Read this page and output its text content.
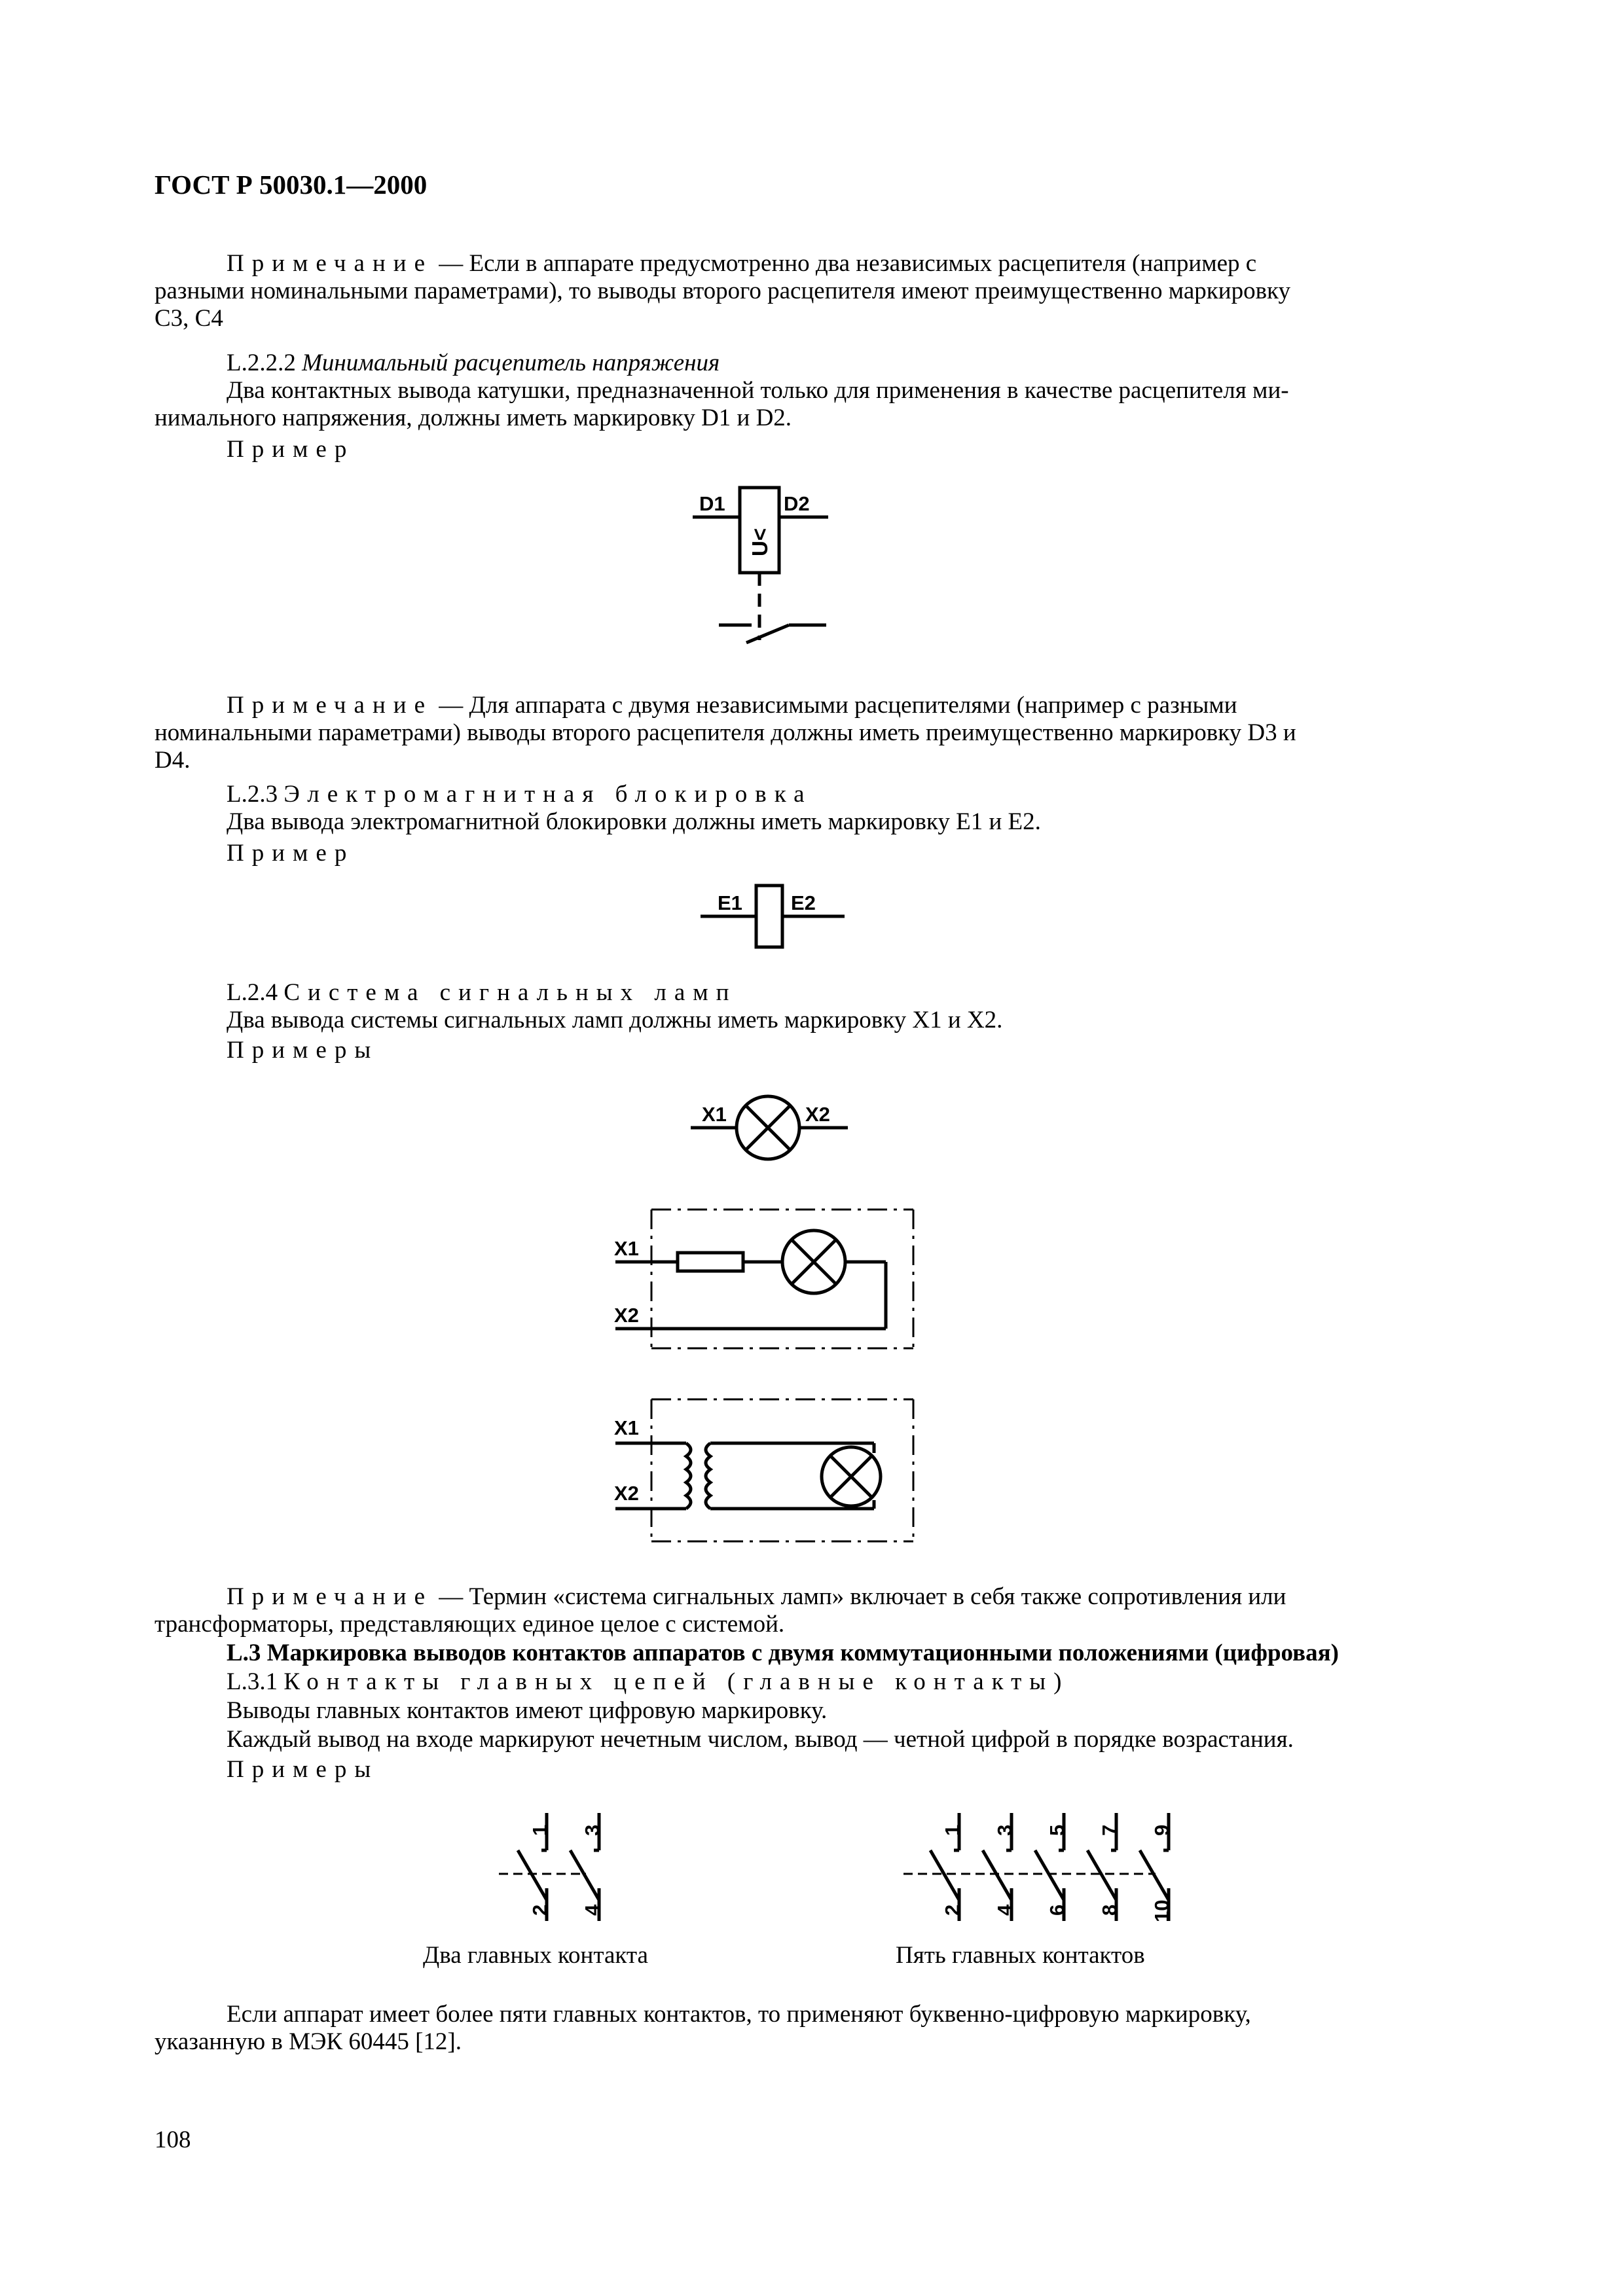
ГОСТ Р 50030.1—2000
Примечание — Если в аппарате предусмотренно два независимых расцепителя (например с
разными номинальными параметрами), то выводы второго расцепителя имеют преимущественно маркировку
С3, С4
L.2.2.2 Минимальный расцепитель напряжения
Два контактных вывода катушки, предназначенной только для применения в качестве расцепителя ми-
нимального напряжения, должны иметь маркировку D1 и D2.
Пример
D1	D2
U<
Примечание — Для аппарата с двумя независимыми расцепителями (например с разными
номинальными параметрами) выводы второго расцепителя должны иметь преимущественно маркировку D3 и
D4.
L.2.3 Электромагнитная блокировка
Два вывода электромагнитной блокировки должны иметь маркировку Е1 и Е2.
Пример
E1 E2
L.2.4 Система сигнальных ламп
Два вывода системы сигнальных ламп должны иметь маркировку X1 и X2.
Примеры
X1	X2
X1
X2
X1
X2
Примечание — Термин «система сигнальных ламп» включает в себя также сопротивления или
трансформаторы, представляющих единое целое с системой.
L.3 Маркировка выводов контактов аппаратов с двумя коммутационными положениями (цифровая)
L.3.1 Контакты главных цепей (главные контакты)
Выводы главных контактов имеют цифровую маркировку.
Каждый вывод на входе маркируют нечетным числом, вывод — четной цифрой в порядке возрастания.
Примеры
1 3
2 4
Два главных контакта
1 3 5 7 9
2 4 6 8 10
Пять главных контактов
Если аппарат имеет более пяти главных контактов, то применяют буквенно-цифровую маркировку,
указанную в МЭК 60445 [12].
108
